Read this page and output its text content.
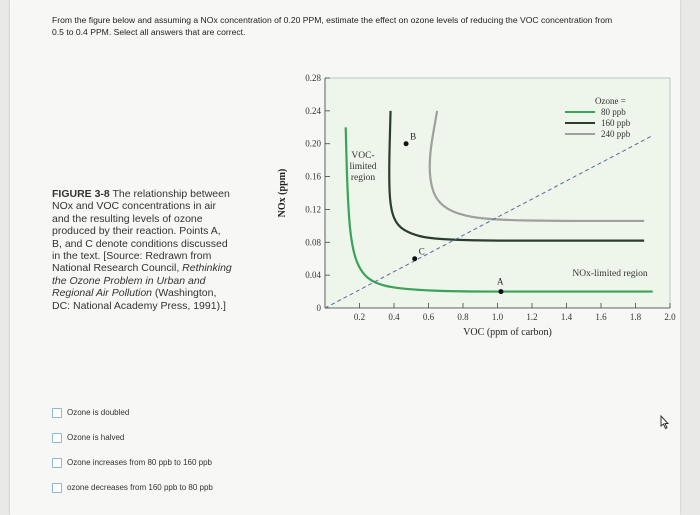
From the figure below and assuming a NOx concentration of 0.20 PPM, estimate the effect on ozone levels of reducing the VOC concentration from 0.5 to 0.4 PPM. Select all answers that are correct.
FIGURE 3-8 The relationship between NOx and VOC concentrations in air and the resulting levels of ozone produced by their reaction. Points A, B, and C denote conditions discussed in the text. [Source: Redrawn from National Research Council, Rethinking the Ozone Problem in Urban and Regional Air Pollution (Washington, DC: National Academy Press, 1991).]	0
0.04
0.08
0.12
0.16
0.20
0.24
0.28
0.2	0.4	0.6	0.8	1.0	1.2	1.4	1.6	1.8	2.0
VOC (ppm of carbon)
NOx (ppm)
A
B
C
VOC-
limited
region
NOx-limited region
Ozone =
80 ppb
160 ppb
240 ppb
Ozone is doubled
Ozone is halved
Ozone increases from 80 ppb to 160 ppb
ozone decreases from 160 ppb to 80 ppb
